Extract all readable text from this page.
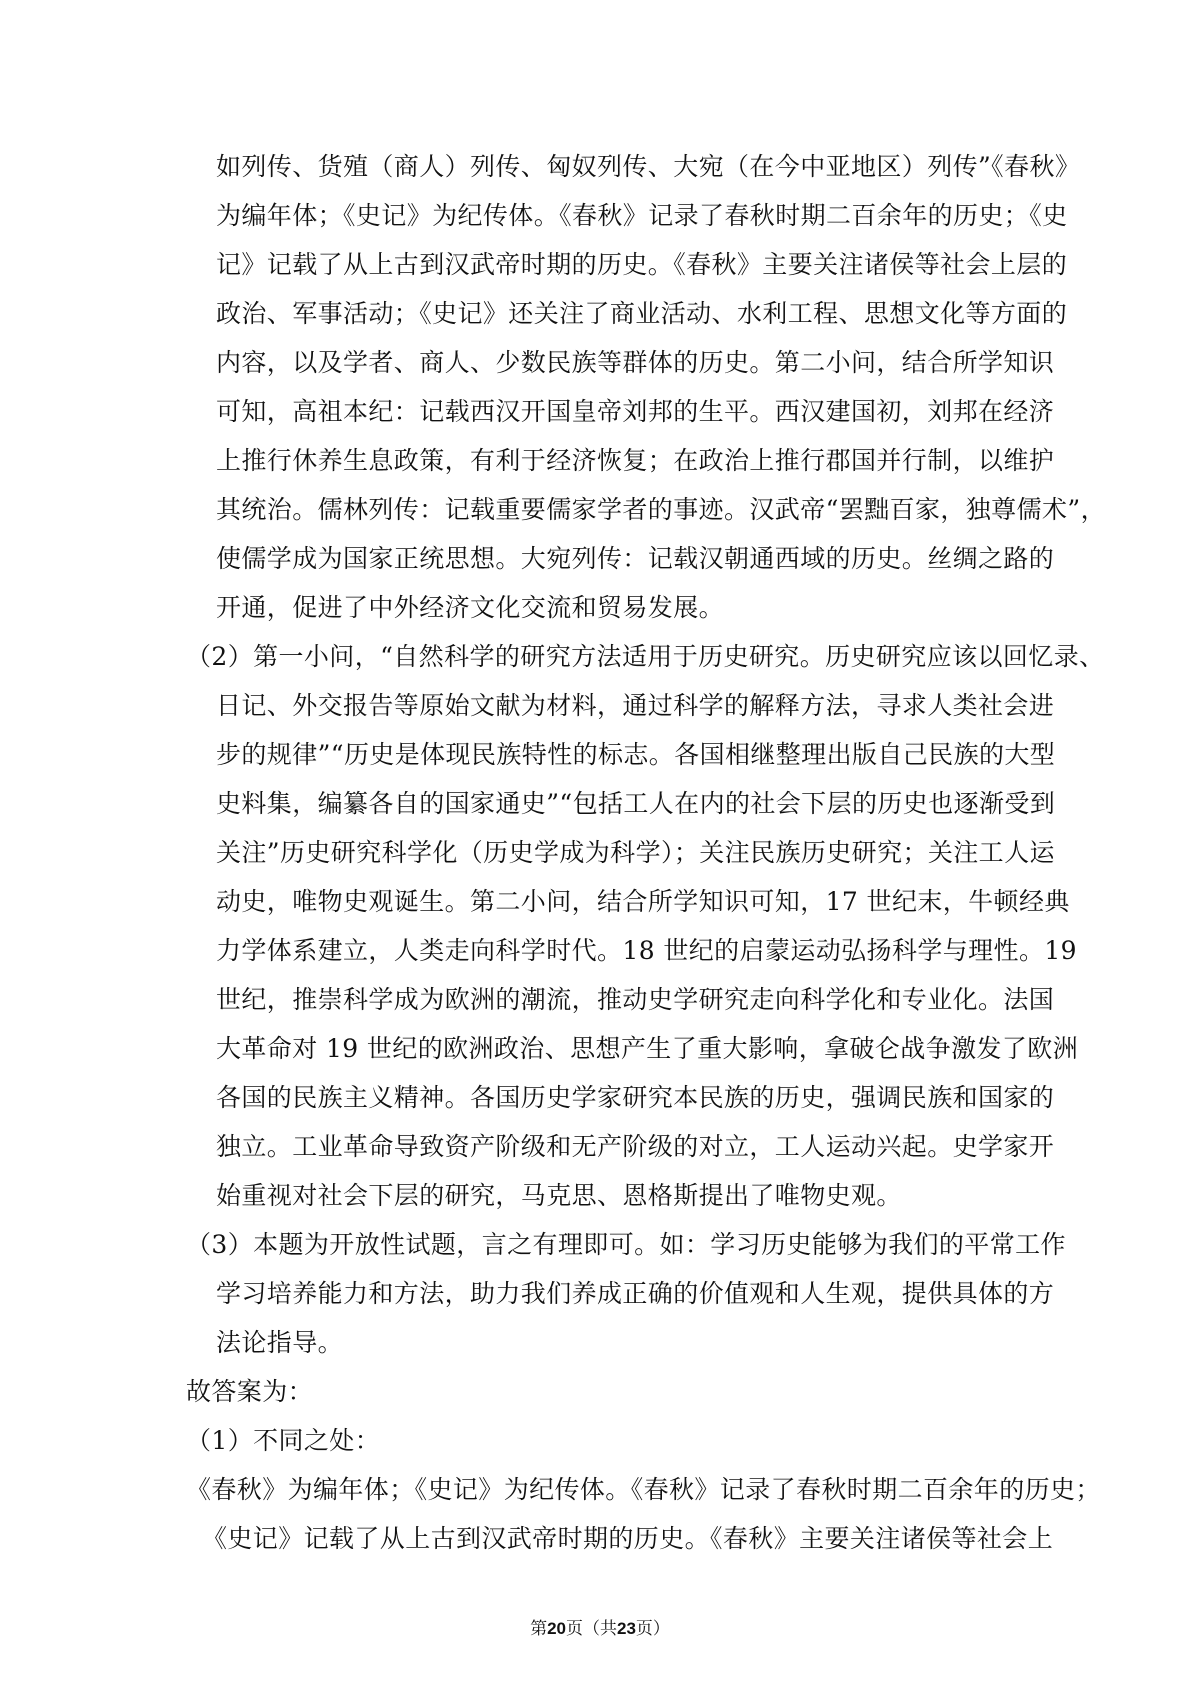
如列传、货殖（商人）列传、匈奴列传、大宛（在今中亚地区）列传”《春秋》
为编年体；《史记》为纪传体。《春秋》记录了春秋时期二百余年的历史；《史
记》记载了从上古到汉武帝时期的历史。《春秋》主要关注诸侯等社会上层的
政治、军事活动；《史记》还关注了商业活动、水利工程、思想文化等方面的
内容，以及学者、商人、少数民族等群体的历史。第二小问，结合所学知识
可知，高祖本纪：记载西汉开国皇帝刘邦的生平。西汉建国初，刘邦在经济
上推行休养生息政策，有利于经济恢复；在政治上推行郡国并行制，以维护
其统治。儒林列传：记载重要儒家学者的事迹。汉武帝“罢黜百家，独尊儒术”，
使儒学成为国家正统思想。大宛列传：记载汉朝通西域的历史。丝绸之路的
开通，促进了中外经济文化交流和贸易发展。
（2）第一小问，“自然科学的研究方法适用于历史研究。历史研究应该以回忆录、
日记、外交报告等原始文献为材料，通过科学的解释方法，寻求人类社会进
步的规律”“历史是体现民族特性的标志。各国相继整理出版自己民族的大型
史料集，编纂各自的国家通史”“包括工人在内的社会下层的历史也逐渐受到
关注”历史研究科学化（历史学成为科学）；关注民族历史研究；关注工人运
动史，唯物史观诞生。第二小问，结合所学知识可知，17 世纪末，牛顿经典
力学体系建立，人类走向科学时代。18 世纪的启蒙运动弘扬科学与理性。19
世纪，推崇科学成为欧洲的潮流，推动史学研究走向科学化和专业化。法国
大革命对 19 世纪的欧洲政治、思想产生了重大影响，拿破仑战争激发了欧洲
各国的民族主义精神。各国历史学家研究本民族的历史，强调民族和国家的
独立。工业革命导致资产阶级和无产阶级的对立，工人运动兴起。史学家开
始重视对社会下层的研究，马克思、恩格斯提出了唯物史观。
（3）本题为开放性试题，言之有理即可。如：学习历史能够为我们的平常工作
学习培养能力和方法，助力我们养成正确的价值观和人生观，提供具体的方
法论指导。
故答案为：
（1）不同之处：
《春秋》为编年体；《史记》为纪传体。《春秋》记录了春秋时期二百余年的历史；
《史记》记载了从上古到汉武帝时期的历史。《春秋》主要关注诸侯等社会上
第20页（共23页）
